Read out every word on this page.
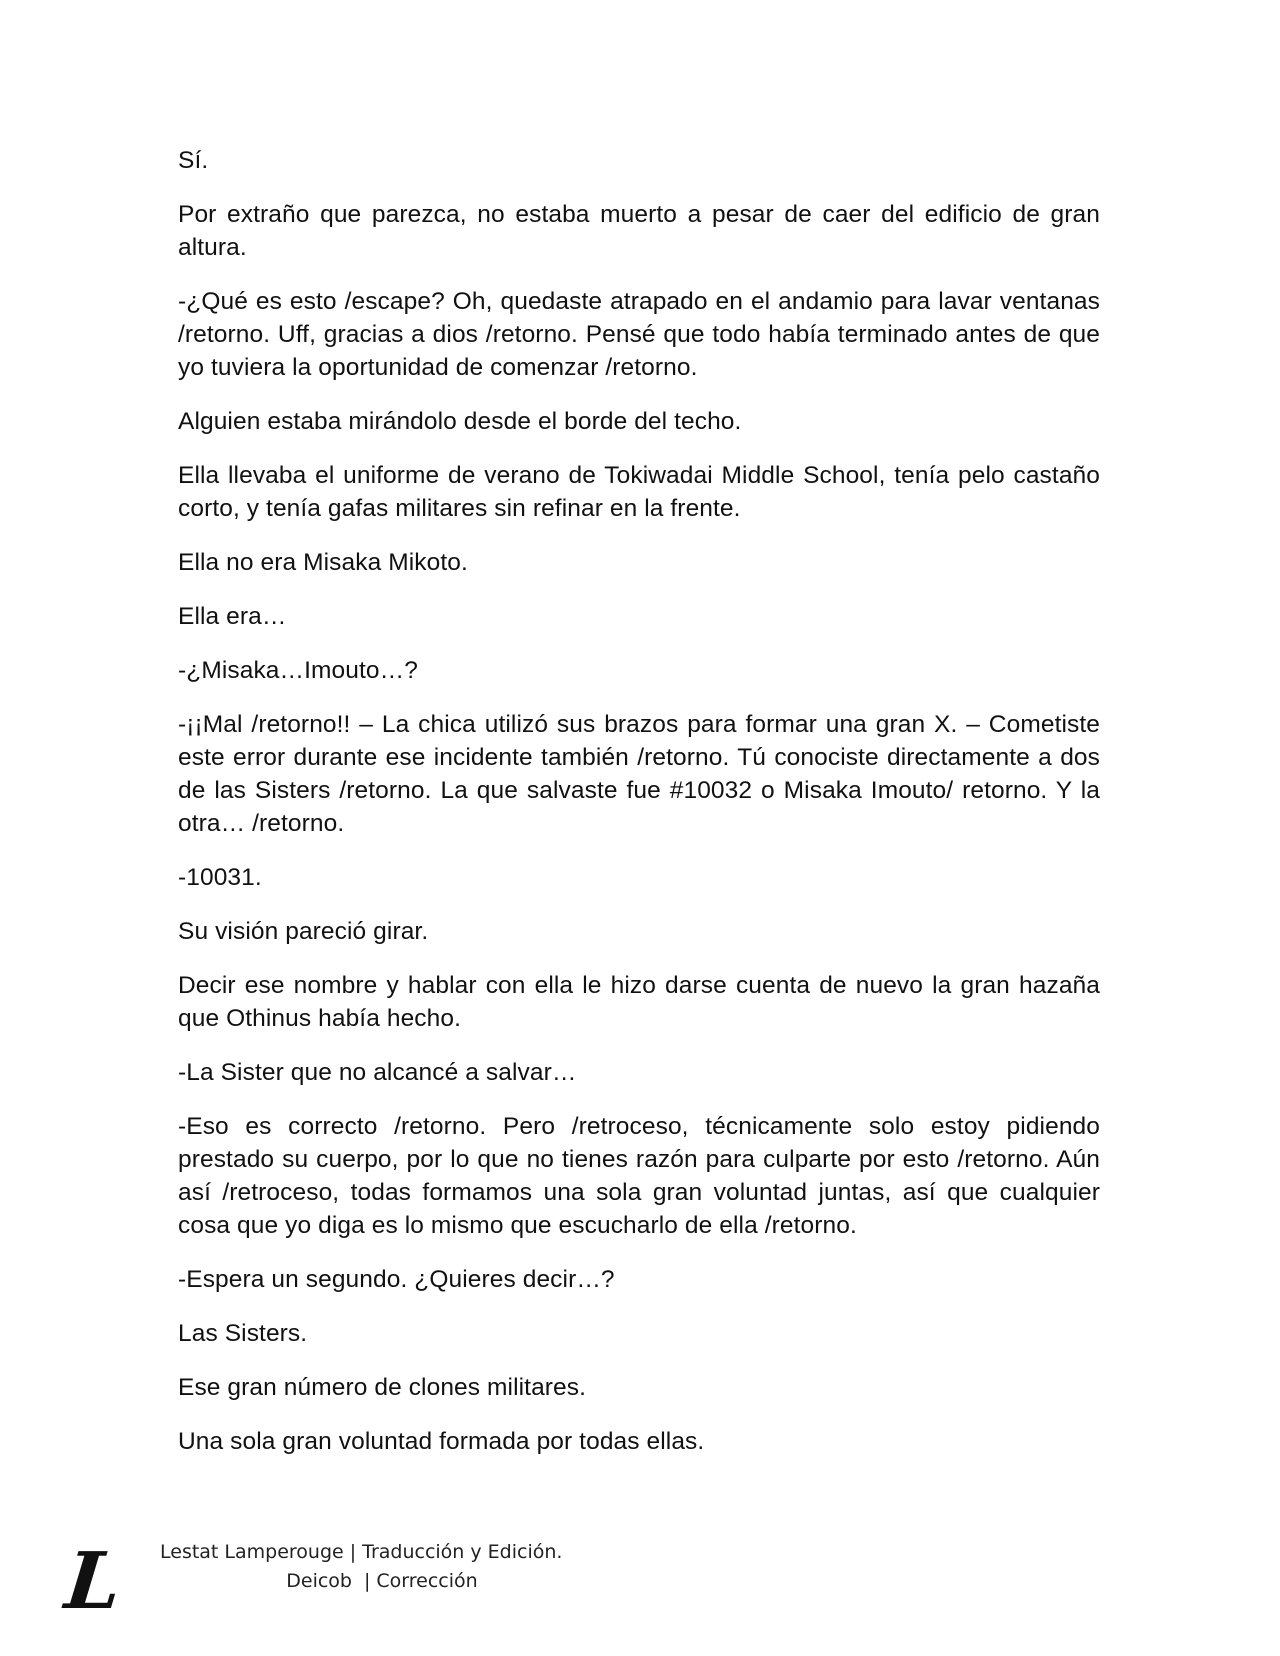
Sí.

Por extraño que parezca, no estaba muerto a pesar de caer del edificio de gran altura.

-¿Qué es esto /escape? Oh, quedaste atrapado en el andamio para lavar ventanas /retorno. Uff, gracias a dios /retorno. Pensé que todo había terminado antes de que yo tuviera la oportunidad de comenzar /retorno.

Alguien estaba mirándolo desde el borde del techo.

Ella llevaba el uniforme de verano de Tokiwadai Middle School, tenía pelo castaño corto, y tenía gafas militares sin refinar en la frente.

Ella no era Misaka Mikoto.

Ella era…

-¿Misaka…Imouto…?

-¡¡Mal /retorno!! – La chica utilizó sus brazos para formar una gran X. – Cometiste este error durante ese incidente también /retorno. Tú conociste directamente a dos de las Sisters /retorno. La que salvaste fue #10032 o Misaka Imouto/ retorno. Y la otra… /retorno.

-10031.

Su visión pareció girar.

Decir ese nombre y hablar con ella le hizo darse cuenta de nuevo la gran hazaña que Othinus había hecho.

-La Sister que no alcancé a salvar…

-Eso es correcto /retorno. Pero /retroceso, técnicamente solo estoy pidiendo prestado su cuerpo, por lo que no tienes razón para culparte por esto /retorno. Aún así /retroceso, todas formamos una sola gran voluntad juntas, así que cualquier cosa que yo diga es lo mismo que escucharlo de ella /retorno.

-Espera un segundo. ¿Quieres decir…?

Las Sisters.

Ese gran número de clones militares.

Una sola gran voluntad formada por todas ellas.

L Lestat Lamperouge | Traducción y Edición.
Deicob | Corrección
